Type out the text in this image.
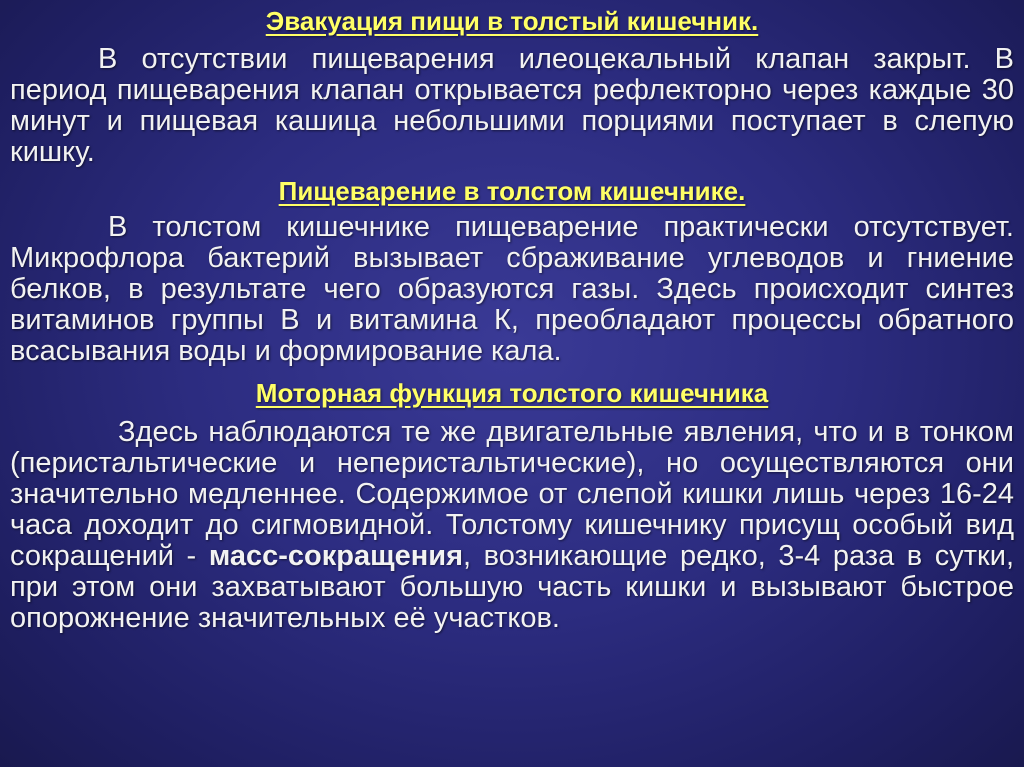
Эвакуация пищи в толстый кишечник.

В отсутствии пищеварения илеоцекальный клапан закрыт. В период пищеварения клапан открывается рефлекторно через каждые 30 минут и пищевая кашица небольшими порциями поступает в слепую кишку.

Пищеварение в толстом кишечнике.

В толстом кишечнике пищеварение практически отсутствует. Микрофлора бактерий вызывает сбраживание углеводов и гниение белков, в результате чего образуются газы. Здесь происходит синтез витаминов группы В и витамина К, преобладают процессы обратного всасывания воды и формирование кала.

Моторная функция толстого кишечника

Здесь наблюдаются те же двигательные явления, что и в тонком (перистальтические и неперистальтические), но осуществляются они значительно медленнее. Содержимое от слепой кишки лишь через 16-24 часа доходит до сигмовидной. Толстому кишечнику присущ особый вид сокращений - масс-сокращения, возникающие редко, 3-4 раза в сутки, при этом они захватывают большую часть кишки и вызывают быстрое опорожнение значительных её участков.
